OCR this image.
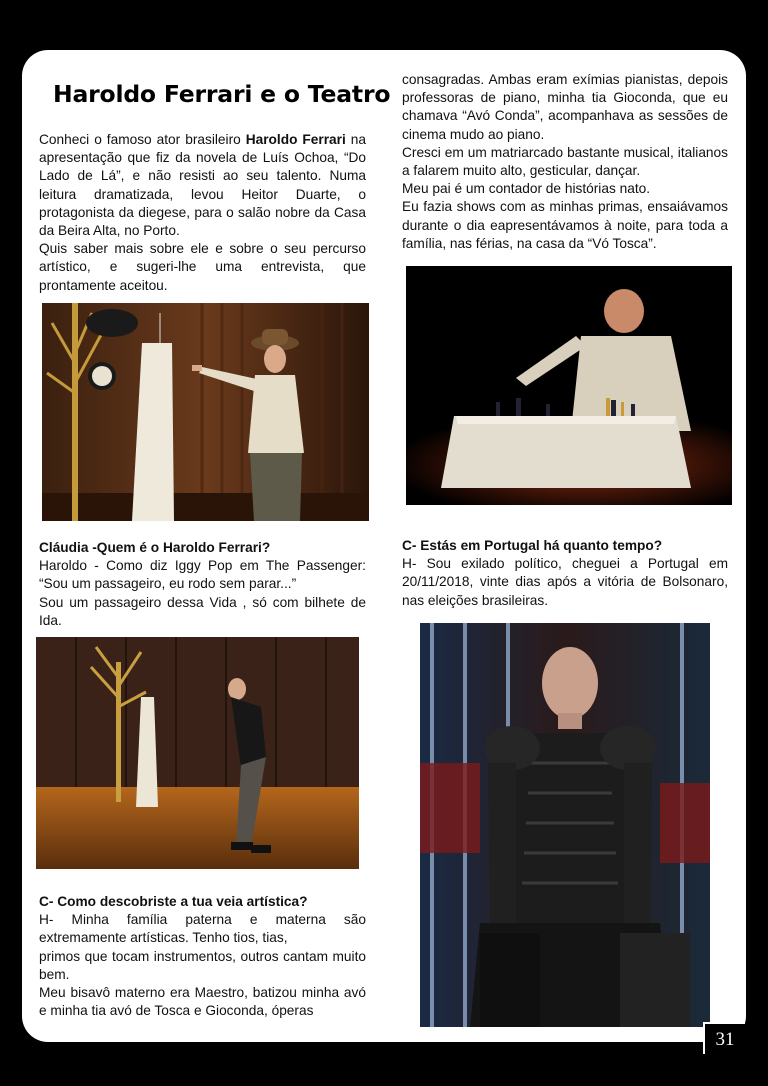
Haroldo Ferrari e o Teatro

Conheci o famoso ator brasileiro Haroldo Ferrari na apresentação que fiz da novela de Luís Ochoa, “Do Lado de Lá”, e não resisti ao seu talento. Numa leitura dramatizada, levou Heitor Duarte, o protagonista da diegese, para o salão nobre da Casa da Beira Alta, no Porto.

Quis saber mais sobre ele e sobre o seu percurso artístico, e sugeri-lhe uma entrevista, que prontamente aceitou.

Cláudia -Quem é o Haroldo Ferrari?

Haroldo - Como diz Iggy Pop em The Passenger: “Sou um passageiro, eu rodo sem parar...”

Sou um passageiro dessa Vida , só com bilhete de Ida.

C- Como descobriste a tua veia artística?

H- Minha família paterna e materna são extremamente artísticas. Tenho tios, tias,

primos que tocam instrumentos, outros cantam muito bem.

Meu bisavô materno era Maestro, batizou minha avó e minha tia avó de Tosca e Gioconda, óperas

consagradas. Ambas eram exímias pianistas, depois professoras de piano, minha tia Gioconda, que eu chamava “Avó Conda”, acompanhava as sessões de cinema mudo ao piano.

Cresci em um matriarcado bastante musical, italianos a falarem muito alto, gesticular, dançar.

Meu pai é um contador de histórias nato.

Eu fazia shows com as minhas primas, ensaiávamos durante o dia eapresentávamos à noite, para toda a família, nas férias, na casa da “Vó Tosca”.

C- Estás em Portugal há quanto tempo?

H- Sou exilado político, cheguei a Portugal em 20/11/2018, vinte dias após a vitória de Bolsonaro, nas eleições brasileiras.

31
